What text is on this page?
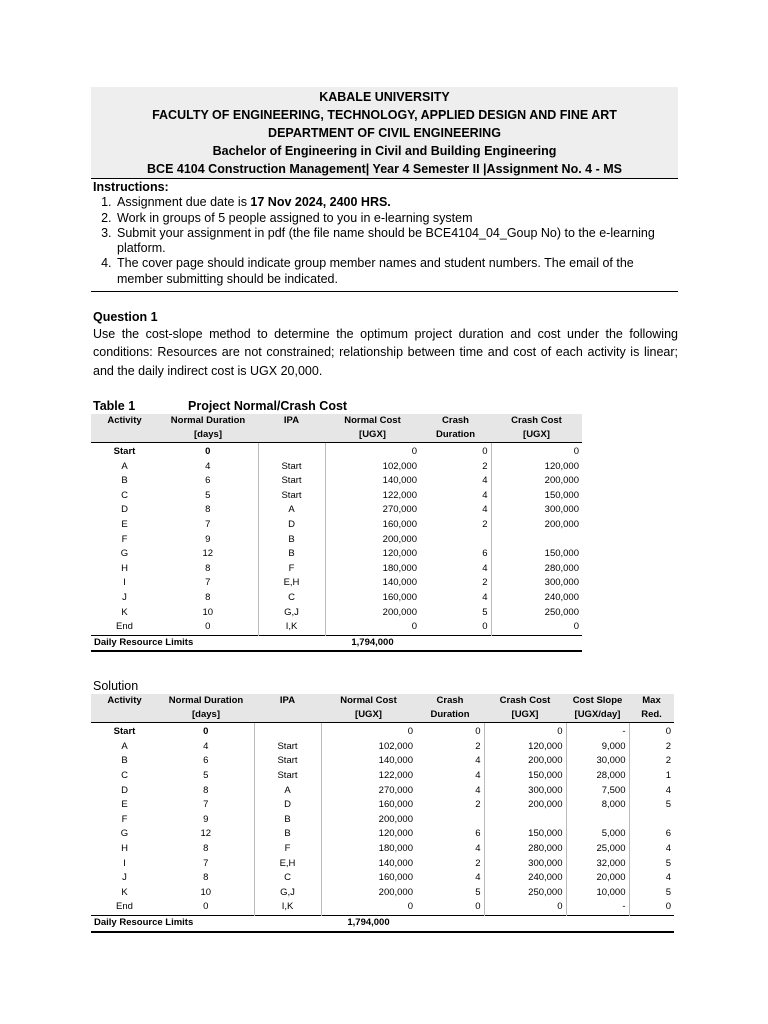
KABALE UNIVERSITY
FACULTY OF ENGINEERING, TECHNOLOGY, APPLIED DESIGN AND FINE ART
DEPARTMENT OF CIVIL ENGINEERING
Bachelor of Engineering in Civil and Building Engineering
BCE 4104 Construction Management| Year 4 Semester II |Assignment No. 4 - MS
Instructions:
1. Assignment due date is 17 Nov 2024, 2400 HRS.
2. Work in groups of 5 people assigned to you in e-learning system
3. Submit your assignment in pdf (the file name should be BCE4104_04_Goup No) to the e-learning platform.
4. The cover page should indicate group member names and student numbers. The email of the member submitting should be indicated.
Question 1
Use the cost-slope method to determine the optimum project duration and cost under the following conditions: Resources are not constrained; relationship between time and cost of each activity is linear; and the daily indirect cost is UGX 20,000.
Table 1	Project Normal/Crash Cost
Activity	Normal Duration	IPA	Normal Cost	Crash	Crash Cost
	[days]		[UGX]	Duration	[UGX]
Start	0		0	0	0
A	4	Start	102,000	2	120,000
B	6	Start	140,000	4	200,000
C	5	Start	122,000	4	150,000
D	8	A	270,000	4	300,000
E	7	D	160,000	2	200,000
F	9	B	200,000		
G	12	B	120,000	6	150,000
H	8	F	180,000	4	280,000
I	7	E,H	140,000	2	300,000
J	8	C	160,000	4	240,000
K	10	G,J	200,000	5	250,000
End	0	I,K	0	0	0
Daily Resource Limits			1,794,000		
Solution
Activity	Normal Duration	IPA	Normal Cost	Crash	Crash Cost	Cost Slope	Max
	[days]		[UGX]	Duration	[UGX]	[UGX/day]	Red.
Start	0		0	0	0	-	0
A	4	Start	102,000	2	120,000	9,000	2
B	6	Start	140,000	4	200,000	30,000	2
C	5	Start	122,000	4	150,000	28,000	1
D	8	A	270,000	4	300,000	7,500	4
E	7	D	160,000	2	200,000	8,000	5
F	9	B	200,000				
G	12	B	120,000	6	150,000	5,000	6
H	8	F	180,000	4	280,000	25,000	4
I	7	E,H	140,000	2	300,000	32,000	5
J	8	C	160,000	4	240,000	20,000	4
K	10	G,J	200,000	5	250,000	10,000	5
End	0	I,K	0	0	0	-	0
Daily Resource Limits			1,794,000				
